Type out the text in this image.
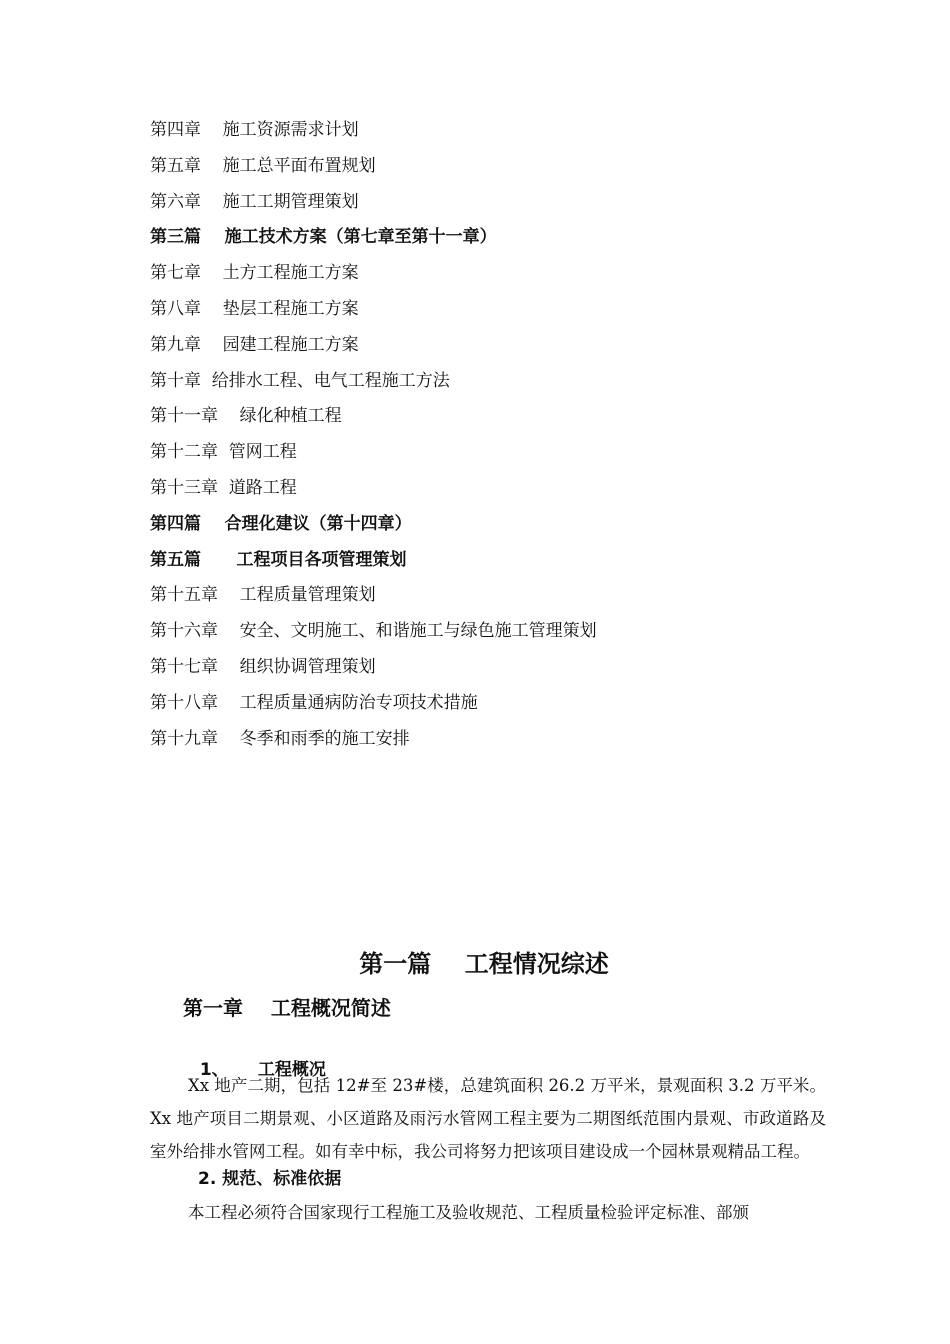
第四章    施工资源需求计划
第五章    施工总平面布置规划
第六章    施工工期管理策划
第三篇    施工技术方案（第七章至第十一章）
第七章    土方工程施工方案
第八章    垫层工程施工方案
第九章    园建工程施工方案
第十章  给排水工程、电气工程施工方法
第十一章    绿化种植工程
第十二章  管网工程
第十三章  道路工程
第四篇    合理化建议（第十四章）
第五篇      工程项目各项管理策划
第十五章    工程质量管理策划
第十六章    安全、文明施工、和谐施工与绿色施工管理策划
第十七章    组织协调管理策划
第十八章    工程质量通病防治专项技术措施
第十九章    冬季和雨季的施工安排
第一篇    工程情况综述
第一章    工程概况简述

1、 工程概况

Xx 地产二期，包括 12#至 23#楼，总建筑面积 26.2 万平米，景观面积 3.2 万平米。Xx 地产项目二期景观、小区道路及雨污水管网工程主要为二期图纸范围内景观、市政道路及室外给排水管网工程。如有幸中标，我公司将努力把该项目建设成一个园林景观精品工程。
2. 规范、标准依据
本工程必须符合国家现行工程施工及验收规范、工程质量检验评定标准、部颁
